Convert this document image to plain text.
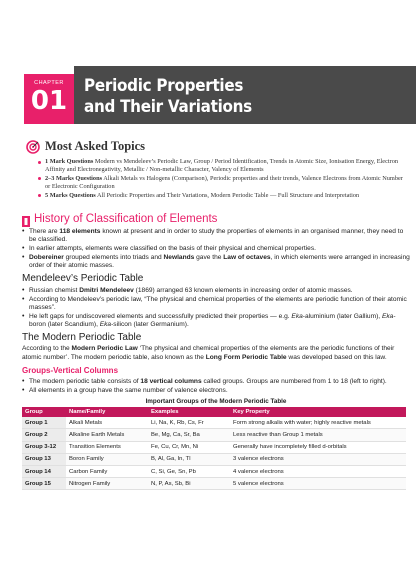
CHAPTER
01
Periodic Properties
and Their Variations
Most Asked Topics
1 Mark Questions Modern vs Mendeleev’s Periodic Law, Group / Period Identification, Trends in Atomic Size, Ionisation Energy, Electron Affinity and Electronegativity, Metallic / Non-metallic Character, Valency of Elements
2–3 Marks Questions Alkali Metals vs Halogens (Comparison), Periodic properties and their trends, Valence Electrons from Atomic Number or Electronic Configuration
5 Marks Questions All Periodic Properties and Their Variations, Modern Periodic Table — Full Structure and Interpretation
History of Classification of Elements
• There are 118 elements known at present and in order to study the properties of elements in an organised manner, they need to be classified.
• In earlier attempts, elements were classified on the basis of their physical and chemical properties.
• Dobereiner grouped elements into triads and Newlands gave the Law of octaves, in which elements were arranged in increasing order of their atomic masses.
Mendeleev’s Periodic Table
• Russian chemist Dmitri Mendeleev (1869) arranged 63 known elements in increasing order of atomic masses.
• According to Mendeleev’s periodic law, “The physical and chemical properties of the elements are periodic function of their atomic masses”.
• He left gaps for undiscovered elements and successfully predicted their properties — e.g. Eka-aluminium (later Gallium), Eka-boron (later Scandium), Eka-silicon (later Germanium).
The Modern Periodic Table

According to the Modern Periodic Law ‘The physical and chemical properties of the elements are the periodic functions of their atomic number’. The modern periodic table, also known as the Long Form Periodic Table was developed based on this law.

Groups-Vertical Columns
• The modern periodic table consists of 18 vertical columns called groups. Groups are numbered from 1 to 18 (left to right).
• All elements in a group have the same number of valence electrons.
Important Groups of the Modern Periodic Table
Group	Name/Family	Examples	Key Property
Group 1	Alkali Metals	Li, Na, K, Rb, Cs, Fr	Form strong alkalis with water; highly reactive metals
Group 2	Alkaline Earth Metals	Be, Mg, Ca, Sr, Ba	Less reactive than Group 1 metals
Group 3-12	Transition Elements	Fe, Cu, Cr, Mn, Ni	Generally have incompletely filled d-orbitals
Group 13	Boron Family	B, Al, Ga, In, Tl	3 valence electrons
Group 14	Carbon Family	C, Si, Ge, Sn, Pb	4 valence electrons
Group 15	Nitrogen Family	N, P, As, Sb, Bi	5 valence electrons
